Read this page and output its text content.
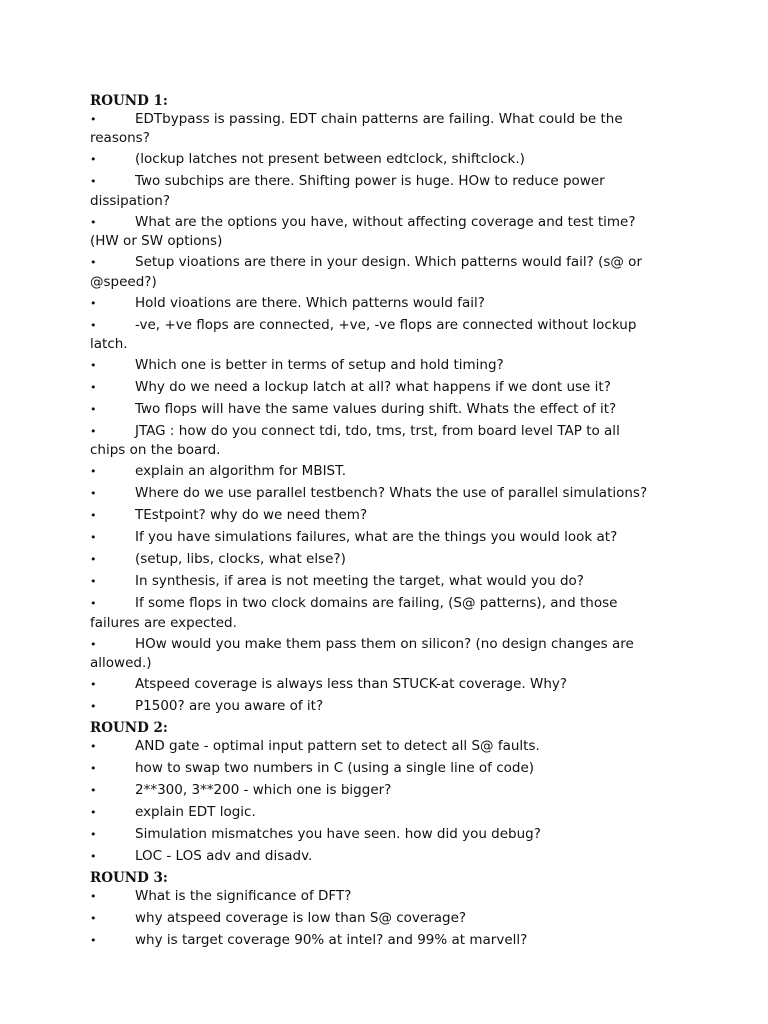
ROUND 1:
•	EDTbypass is passing. EDT chain patterns are failing. What could be the reasons?
•	(lockup latches not present between edtclock, shiftclock.)
•	Two subchips are there. Shifting power is huge. HOw to reduce power dissipation?
•	What are the options you have, without affecting coverage and test time? (HW or SW options)
•	Setup vioations are there in your design. Which patterns would fail? (s@ or @speed?)
•	Hold vioations are there. Which patterns would fail?
•	-ve, +ve flops are connected, +ve, -ve flops are connected without lockup latch.
•	Which one is better in terms of setup and hold timing?
•	Why do we need a lockup latch at all? what happens if we dont use it?
•	Two flops will have the same values during shift. Whats the effect of it?
•	JTAG : how do you connect tdi, tdo, tms, trst, from board level TAP to all chips on the board.
•	explain an algorithm for MBIST.
•	Where do we use parallel testbench? Whats the use of parallel simulations?
•	TEstpoint? why do we need them?
•	If you have simulations failures, what are the things you would look at?
•	(setup, libs, clocks, what else?)
•	In synthesis, if area is not meeting the target, what would you do?
•	If some flops in two clock domains are failing, (S@ patterns), and those failures are expected.
•	HOw would you make them pass them on silicon? (no design changes are allowed.)
•	Atspeed coverage is always less than STUCK-at coverage. Why?
•	P1500? are you aware of it?
ROUND 2:
•	AND gate - optimal input pattern set to detect all S@ faults.
•	how to swap two numbers in C (using a single line of code)
•	2**300, 3**200 - which one is bigger?
•	explain EDT logic.
•	Simulation mismatches you have seen. how did you debug?
•	LOC - LOS adv and disadv.
ROUND 3:
•	What is the significance of DFT?
•	why atspeed coverage is low than S@ coverage?
•	why is target coverage 90% at intel? and 99% at marvell?
